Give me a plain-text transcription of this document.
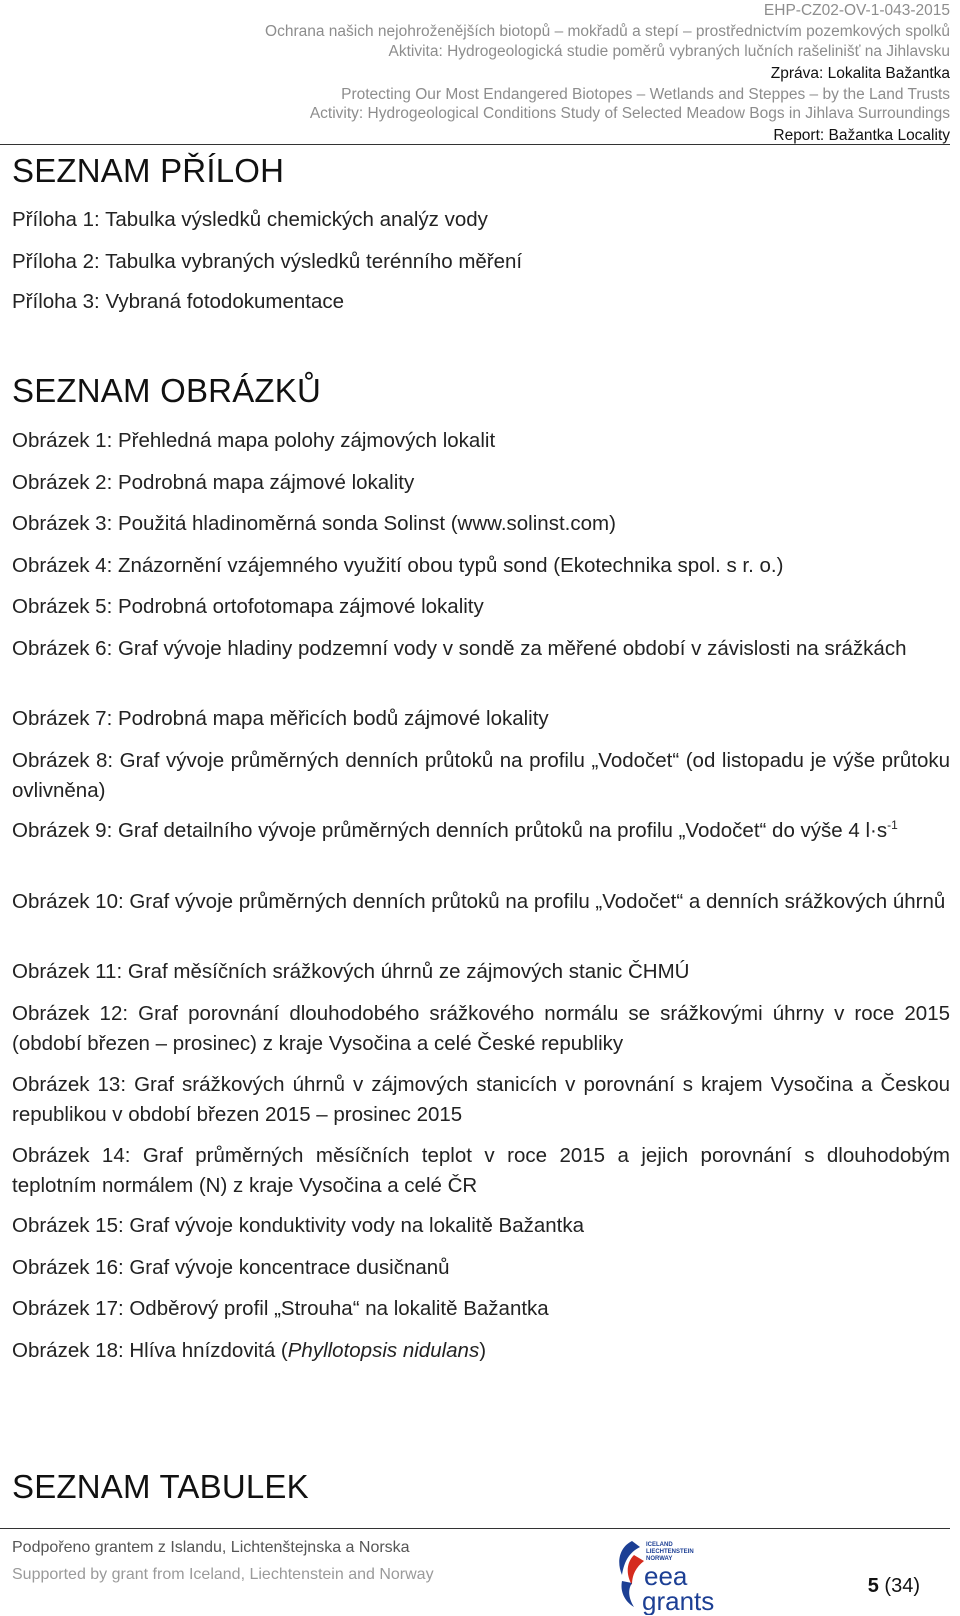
EHP-CZ02-OV-1-043-2015
Ochrana našich nejohroženějších biotopů – mokřadů a stepí – prostřednictvím pozemkových spolků
Aktivita: Hydrogeologická studie poměrů vybraných lučních rašelinišť na Jihlavsku
Zpráva: Lokalita Bažantka
Protecting Our Most Endangered Biotopes – Wetlands and Steppes – by the Land Trusts
Activity: Hydrogeological Conditions Study of Selected Meadow Bogs in Jihlava Surroundings
Report: Bažantka Locality
SEZNAM PŘÍLOH
Příloha 1: Tabulka výsledků chemických analýz vody
Příloha 2: Tabulka vybraných výsledků terénního měření
Příloha 3: Vybraná fotodokumentace
SEZNAM OBRÁZKŮ
Obrázek 1: Přehledná mapa polohy zájmových lokalit
Obrázek 2: Podrobná mapa zájmové lokality
Obrázek 3: Použitá hladinoměrná sonda Solinst (www.solinst.com)
Obrázek 4: Znázornění vzájemného využití obou typů sond (Ekotechnika spol. s r. o.)
Obrázek 5: Podrobná ortofotomapa zájmové lokality
Obrázek 6: Graf vývoje hladiny podzemní vody v sondě za měřené období v závislosti na srážkách
Obrázek 7: Podrobná mapa měřicích bodů zájmové lokality
Obrázek 8: Graf vývoje průměrných denních průtoků na profilu „Vodočet“ (od listopadu je výše průtoku ovlivněna)
Obrázek 9: Graf detailního vývoje průměrných denních průtoků na profilu „Vodočet“ do výše 4 $l\cdot s^{-1}$
Obrázek 10: Graf vývoje průměrných denních průtoků na profilu „Vodočet“ a denních srážkových úhrnů
Obrázek 11: Graf měsíčních srážkových úhrnů ze zájmových stanic ČHMÚ
Obrázek 12: Graf porovnání dlouhodobého srážkového normálu se srážkovými úhrny v roce 2015 (období březen – prosinec) z kraje Vysočina a celé České republiky
Obrázek 13: Graf srážkových úhrnů v zájmových stanicích v porovnání s krajem Vysočina a Českou republikou v období březen 2015 – prosinec 2015
Obrázek 14: Graf průměrných měsíčních teplot v roce 2015 a jejich porovnání s dlouhodobým teplotním normálem (N) z kraje Vysočina a celé ČR
Obrázek 15: Graf vývoje konduktivity vody na lokalitě Bažantka
Obrázek 16: Graf vývoje koncentrace dusičnanů
Obrázek 17: Odběrový profil „Strouha“ na lokalitě Bažantka
Obrázek 18: Hlíva hnízdovitá (Phyllotopsis nidulans)
SEZNAM TABULEK
Podpořeno grantem z Islandu, Lichtenštejnska a Norska
Supported by grant from Iceland, Liechtenstein and Norway
ICELAND
LIECHTENSTEIN
NORWAY
eea
grants	5 (34)
